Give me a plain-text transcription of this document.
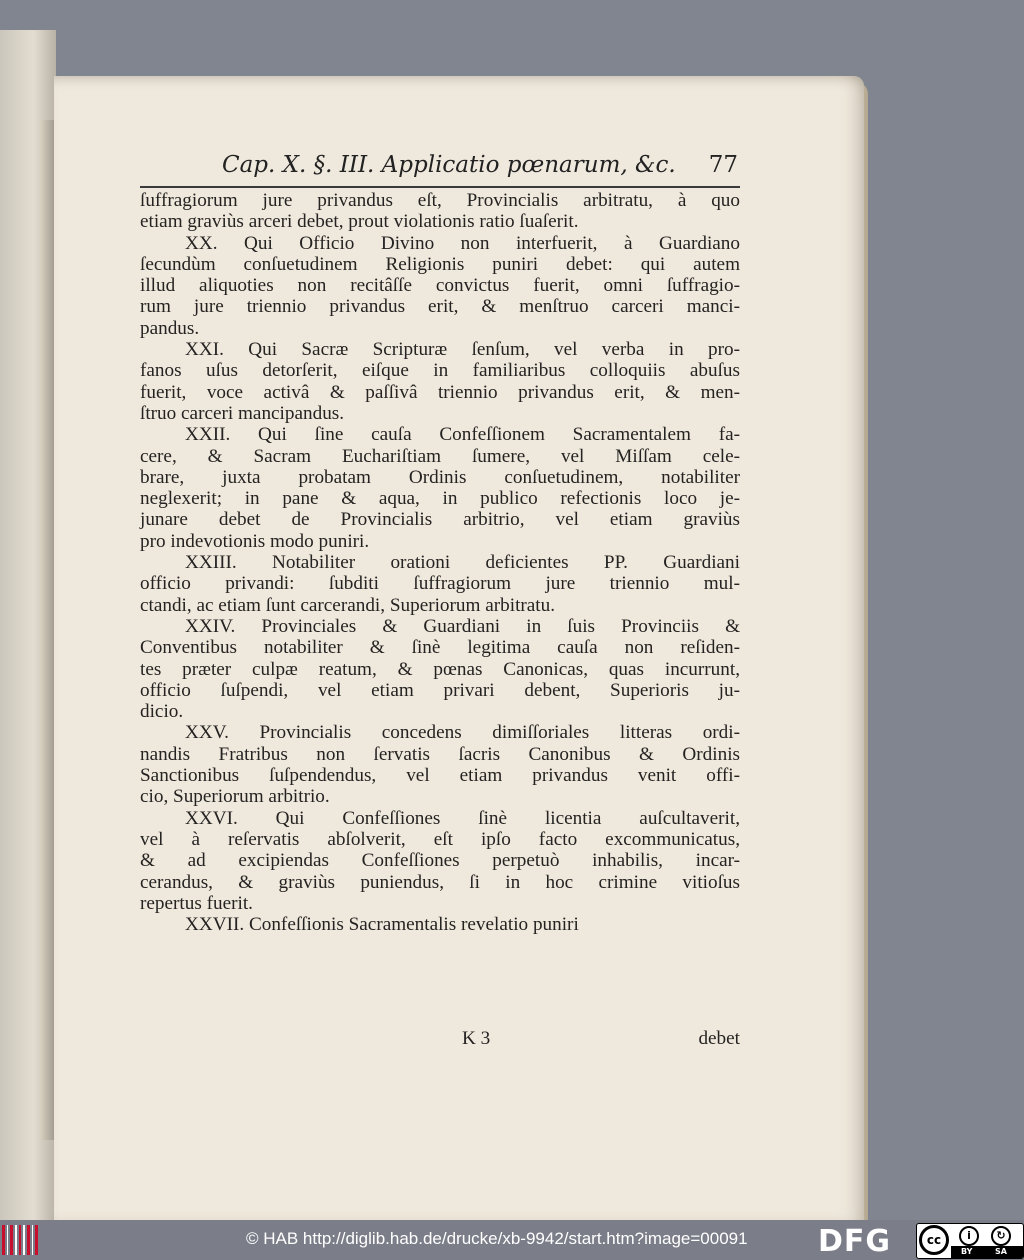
Cap. X. §. III. Applicatio pœnarum, &c. 77
ſuffragiorum jure privandus eſt, Provincialis arbitratu, à quo
etiam graviùs arceri debet, prout violationis ratio ſuaſerit.
XX. Qui Officio Divino non interfuerit, à Guardiano
ſecundùm conſuetudinem Religionis puniri debet: qui autem
illud aliquoties non recitâſſe convictus fuerit, omni ſuffragio-
rum jure triennio privandus erit, & menſtruo carceri manci-
pandus.
XXI. Qui Sacræ Scripturæ ſenſum, vel verba in pro-
fanos uſus detorſerit, eiſque in familiaribus colloquiis abuſus
fuerit, voce activâ & paſſivâ triennio privandus erit, & men-
ſtruo carceri mancipandus.
XXII. Qui ſine cauſa Confeſſionem Sacramentalem fa-
cere, & Sacram Euchariſtiam ſumere, vel Miſſam cele-
brare, juxta probatam Ordinis conſuetudinem, notabiliter
neglexerit; in pane & aqua, in publico refectionis loco je-
junare debet de Provincialis arbitrio, vel etiam graviùs
pro indevotionis modo puniri.
XXIII. Notabiliter orationi deficientes PP. Guardiani
officio privandi: ſubditi ſuffragiorum jure triennio mul-
ctandi, ac etiam ſunt carcerandi, Superiorum arbitratu.
XXIV. Provinciales & Guardiani in ſuis Provinciis &
Conventibus notabiliter & ſinè legitima cauſa non reſiden-
tes præter culpæ reatum, & pœnas Canonicas, quas incurrunt,
officio ſuſpendi, vel etiam privari debent, Superioris ju-
dicio.
XXV. Provincialis concedens dimiſſoriales litteras ordi-
nandis Fratribus non ſervatis ſacris Canonibus & Ordinis
Sanctionibus ſuſpendendus, vel etiam privandus venit offi-
cio, Superiorum arbitrio.
XXVI. Qui Confeſſiones ſinè licentia auſcultaverit,
vel à reſervatis abſolverit, eſt ipſo facto excommunicatus,
& ad excipiendas Confeſſiones perpetuò inhabilis, incar-
cerandus, & graviùs puniendus, ſi in hoc crimine vitioſus
repertus fuerit.
XXVII. Confeſſionis Sacramentalis revelatio puniri
K 3	debet
© HAB http://diglib.hab.de/drucke/xb-9942/start.htm?image=00091 DFG	cc	i	↻
BY	SA
